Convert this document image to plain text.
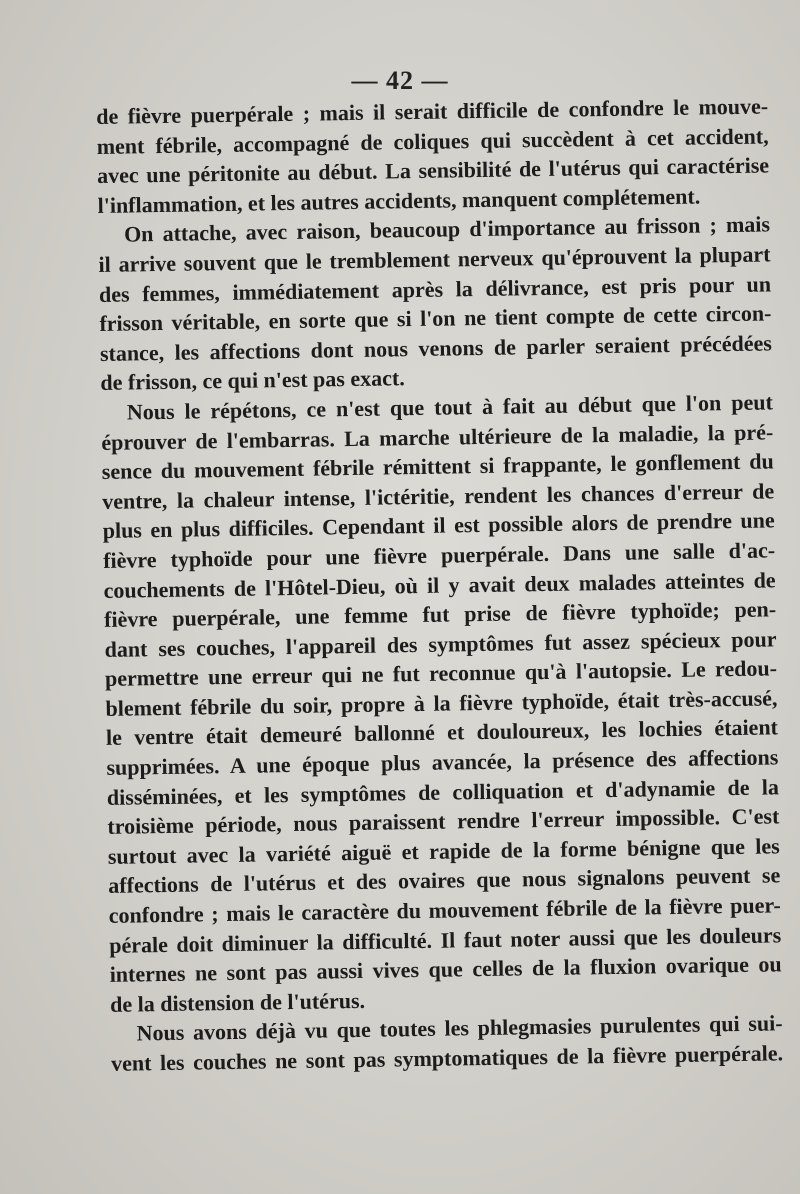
— 42 —
de fièvre puerpérale ; mais il serait difficile de confondre le mouve-
ment fébrile, accompagné de coliques qui succèdent à cet accident,
avec une péritonite au début. La sensibilité de l'utérus qui caractérise
l'inflammation, et les autres accidents, manquent complétement.
On attache, avec raison, beaucoup d'importance au frisson ; mais
il arrive souvent que le tremblement nerveux qu'éprouvent la plupart
des femmes, immédiatement après la délivrance, est pris pour un
frisson véritable, en sorte que si l'on ne tient compte de cette circon-
stance, les affections dont nous venons de parler seraient précédées
de frisson, ce qui n'est pas exact.
Nous le répétons, ce n'est que tout à fait au début que l'on peut
éprouver de l'embarras. La marche ultérieure de la maladie, la pré-
sence du mouvement fébrile rémittent si frappante, le gonflement du
ventre, la chaleur intense, l'ictéritie, rendent les chances d'erreur de
plus en plus difficiles. Cependant il est possible alors de prendre une
fièvre typhoïde pour une fièvre puerpérale. Dans une salle d'ac-
couchements de l'Hôtel-Dieu, où il y avait deux malades atteintes de
fièvre puerpérale, une femme fut prise de fièvre typhoïde; pen-
dant ses couches, l'appareil des symptômes fut assez spécieux pour
permettre une erreur qui ne fut reconnue qu'à l'autopsie. Le redou-
blement fébrile du soir, propre à la fièvre typhoïde, était très-accusé,
le ventre était demeuré ballonné et douloureux, les lochies étaient
supprimées. A une époque plus avancée, la présence des affections
disséminées, et les symptômes de colliquation et d'adynamie de la
troisième période, nous paraissent rendre l'erreur impossible. C'est
surtout avec la variété aiguë et rapide de la forme bénigne que les
affections de l'utérus et des ovaires que nous signalons peuvent se
confondre ; mais le caractère du mouvement fébrile de la fièvre puer-
pérale doit diminuer la difficulté. Il faut noter aussi que les douleurs
internes ne sont pas aussi vives que celles de la fluxion ovarique ou
de la distension de l'utérus.
Nous avons déjà vu que toutes les phlegmasies purulentes qui sui-
vent les couches ne sont pas symptomatiques de la fièvre puerpérale.
